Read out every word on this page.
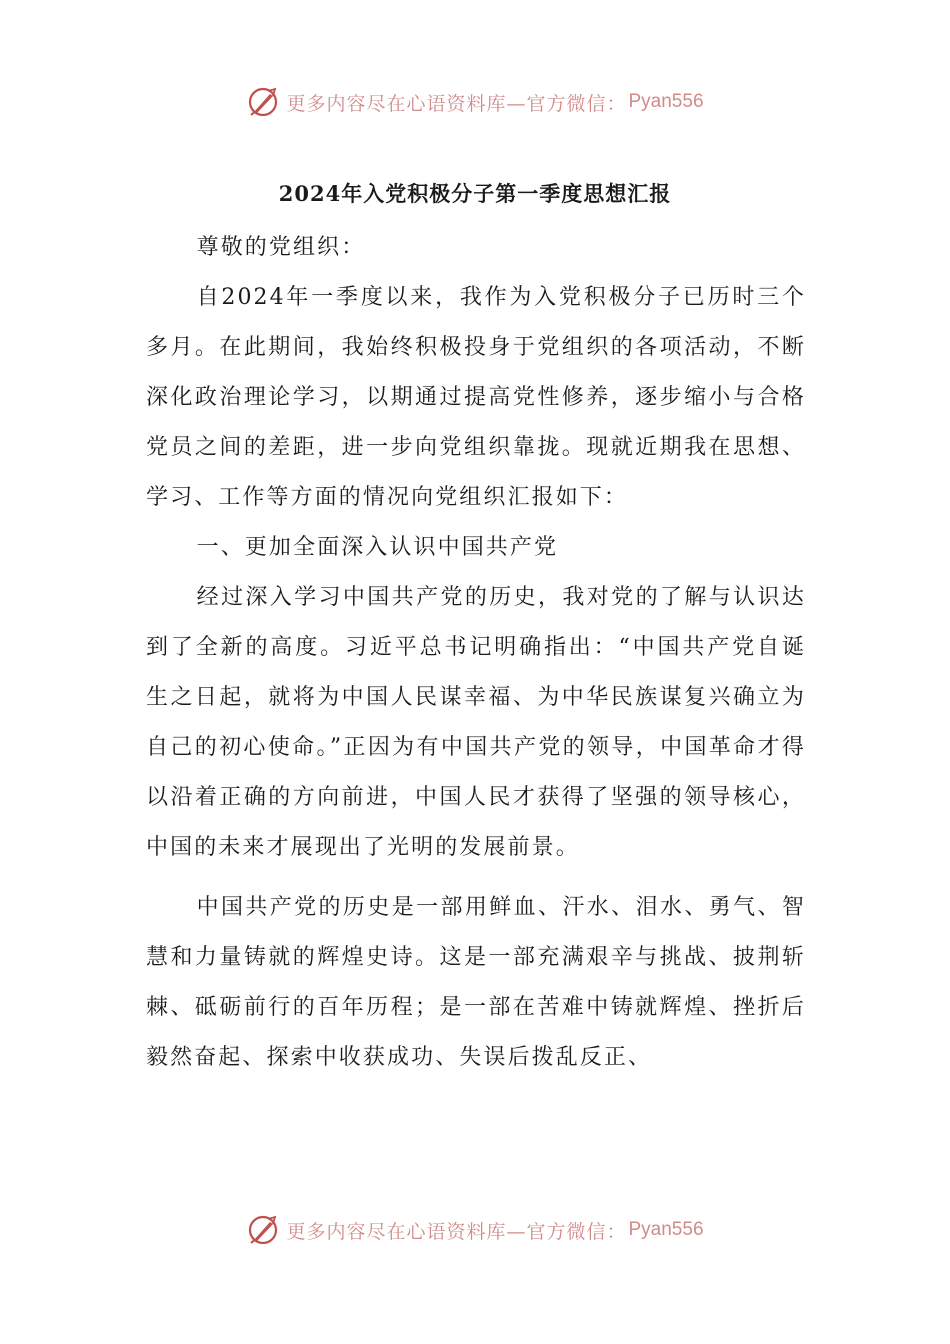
更多内容尽在心语资料库—官方微信： Pyan556
2024年入党积极分子第一季度思想汇报

尊敬的党组织：

自2024年一季度以来，我作为入党积极分子已历时三个多月。在此期间，我始终积极投身于党组织的各项活动，不断深化政治理论学习，以期通过提高党性修养，逐步缩小与合格党员之间的差距，进一步向党组织靠拢。现就近期我在思想、学习、工作等方面的情况向党组织汇报如下：

一、更加全面深入认识中国共产党

经过深入学习中国共产党的历史，我对党的了解与认识达到了全新的高度。习近平总书记明确指出：“中国共产党自诞生之日起，就将为中国人民谋幸福、为中华民族谋复兴确立为自己的初心使命。”正因为有中国共产党的领导，中国革命才得以沿着正确的方向前进，中国人民才获得了坚强的领导核心，中国的未来才展现出了光明的发展前景。

中国共产党的历史是一部用鲜血、汗水、泪水、勇气、智慧和力量铸就的辉煌史诗。这是一部充满艰辛与挑战、披荆斩棘、砥砺前行的百年历程；是一部在苦难中铸就辉煌、挫折后毅然奋起、探索中收获成功、失误后拨乱反正、

更多内容尽在心语资料库—官方微信： Pyan556
